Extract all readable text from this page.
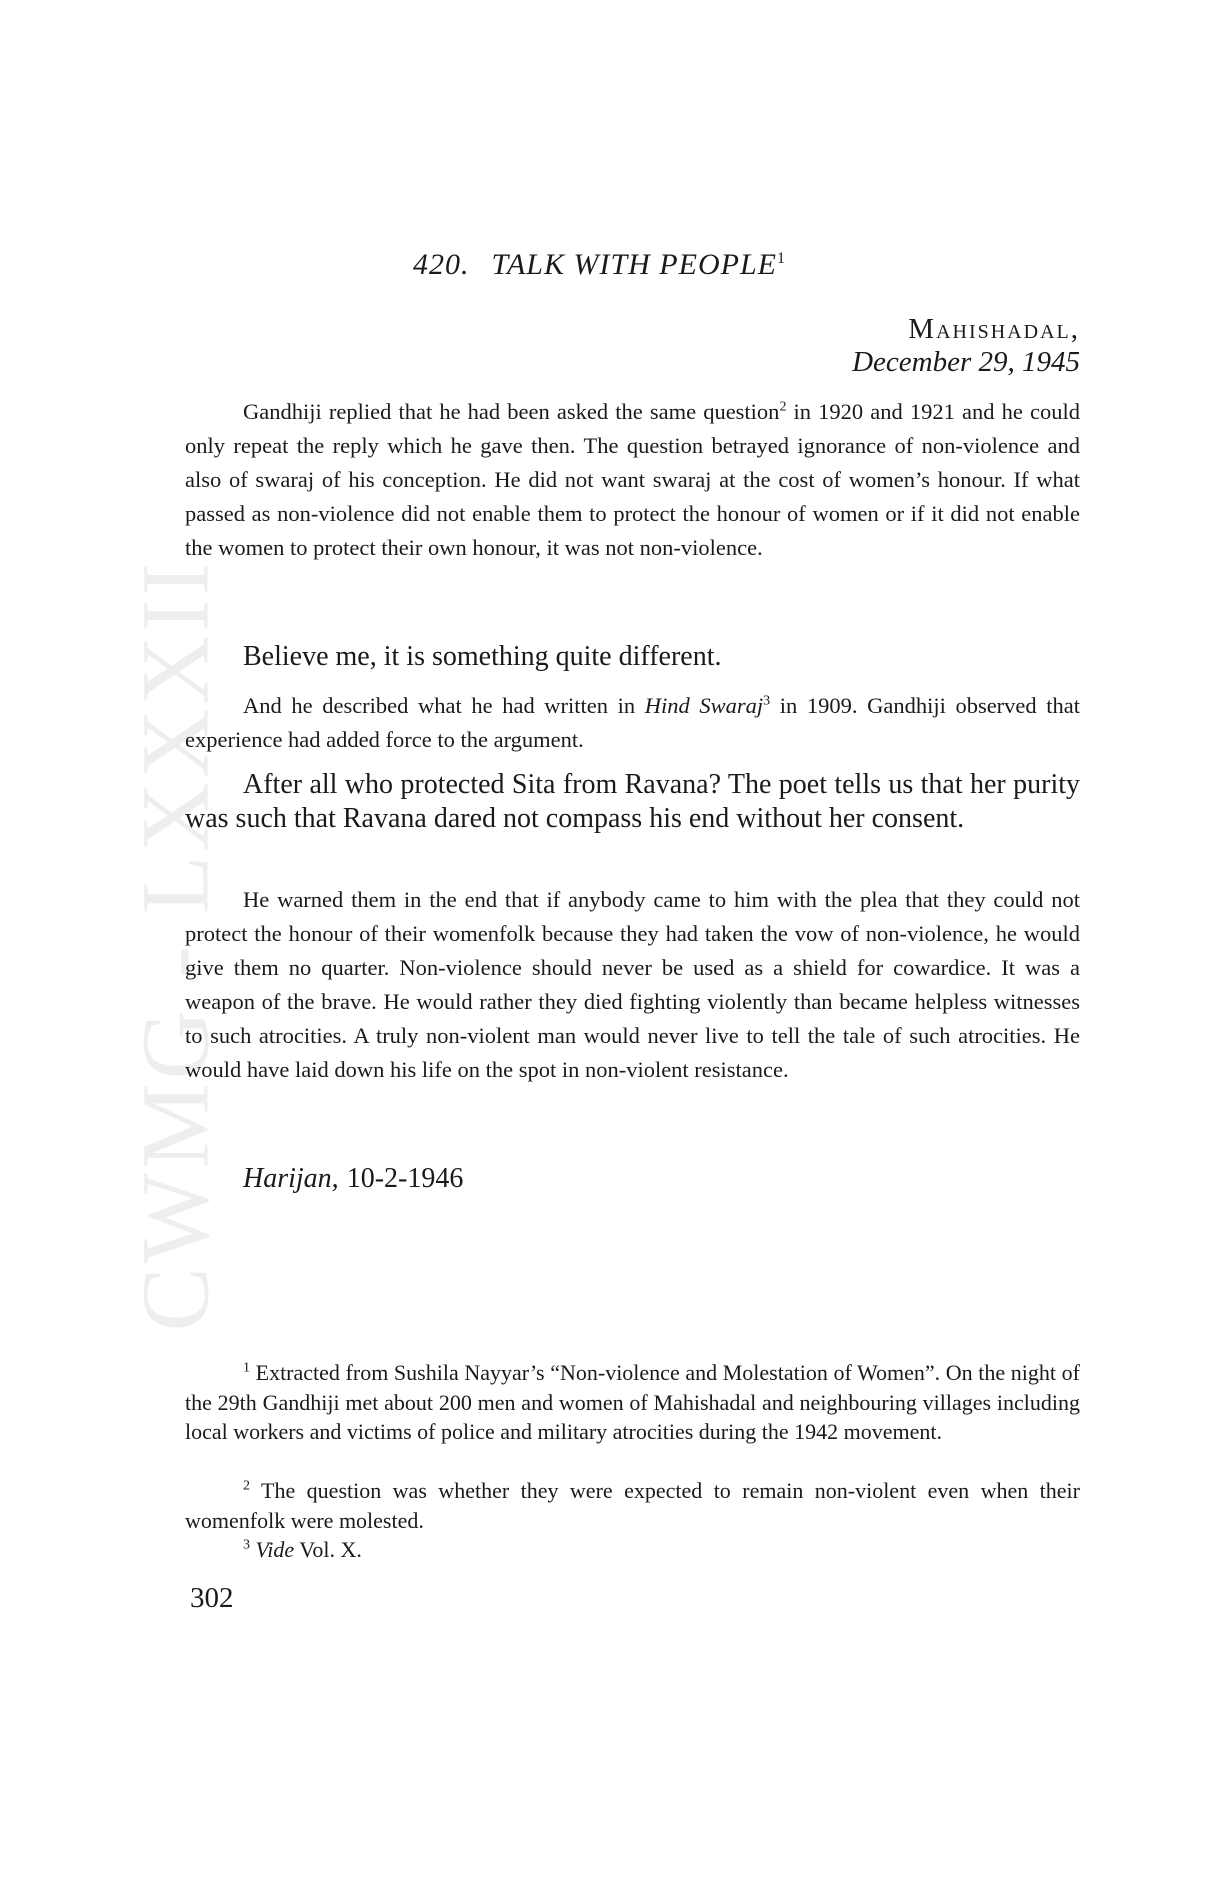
CWMG - LXXXII
420. TALK WITH PEOPLE$^1$
Mahishadal,
December 29, 1945

Gandhiji replied that he had been asked the same question$^2$ in 1920 and 1921 and he could only repeat the reply which he gave then. The question betrayed ignorance of non-violence and also of swaraj of his conception. He did not want swaraj at the cost of women’s honour. If what passed as non-violence did not enable them to protect the honour of women or if it did not enable the women to protect their own honour, it was not non-violence.

Believe me, it is something quite different.

And he described what he had written in Hind Swaraj$^3$ in 1909. Gandhiji observed that experience had added force to the argument.

After all who protected Sita from Ravana? The poet tells us that her purity was such that Ravana dared not compass his end without her consent.

He warned them in the end that if anybody came to him with the plea that they could not protect the honour of their womenfolk because they had taken the vow of non-violence, he would give them no quarter. Non-violence should never be used as a shield for cowardice. It was a weapon of the brave. He would rather they died fighting violently than became helpless witnesses to such atrocities. A truly non-violent man would never live to tell the tale of such atrocities. He would have laid down his life on the spot in non-violent resistance.

Harijan, 10-2-1946

$^1$ Extracted from Sushila Nayyar’s “Non-violence and Molestation of Women”. On the night of the 29th Gandhiji met about 200 men and women of Mahishadal and neighbouring villages including local workers and victims of police and military atrocities during the 1942 movement.

$^2$ The question was whether they were expected to remain non-violent even when their womenfolk were molested.

$^3$ Vide Vol. X.

302
